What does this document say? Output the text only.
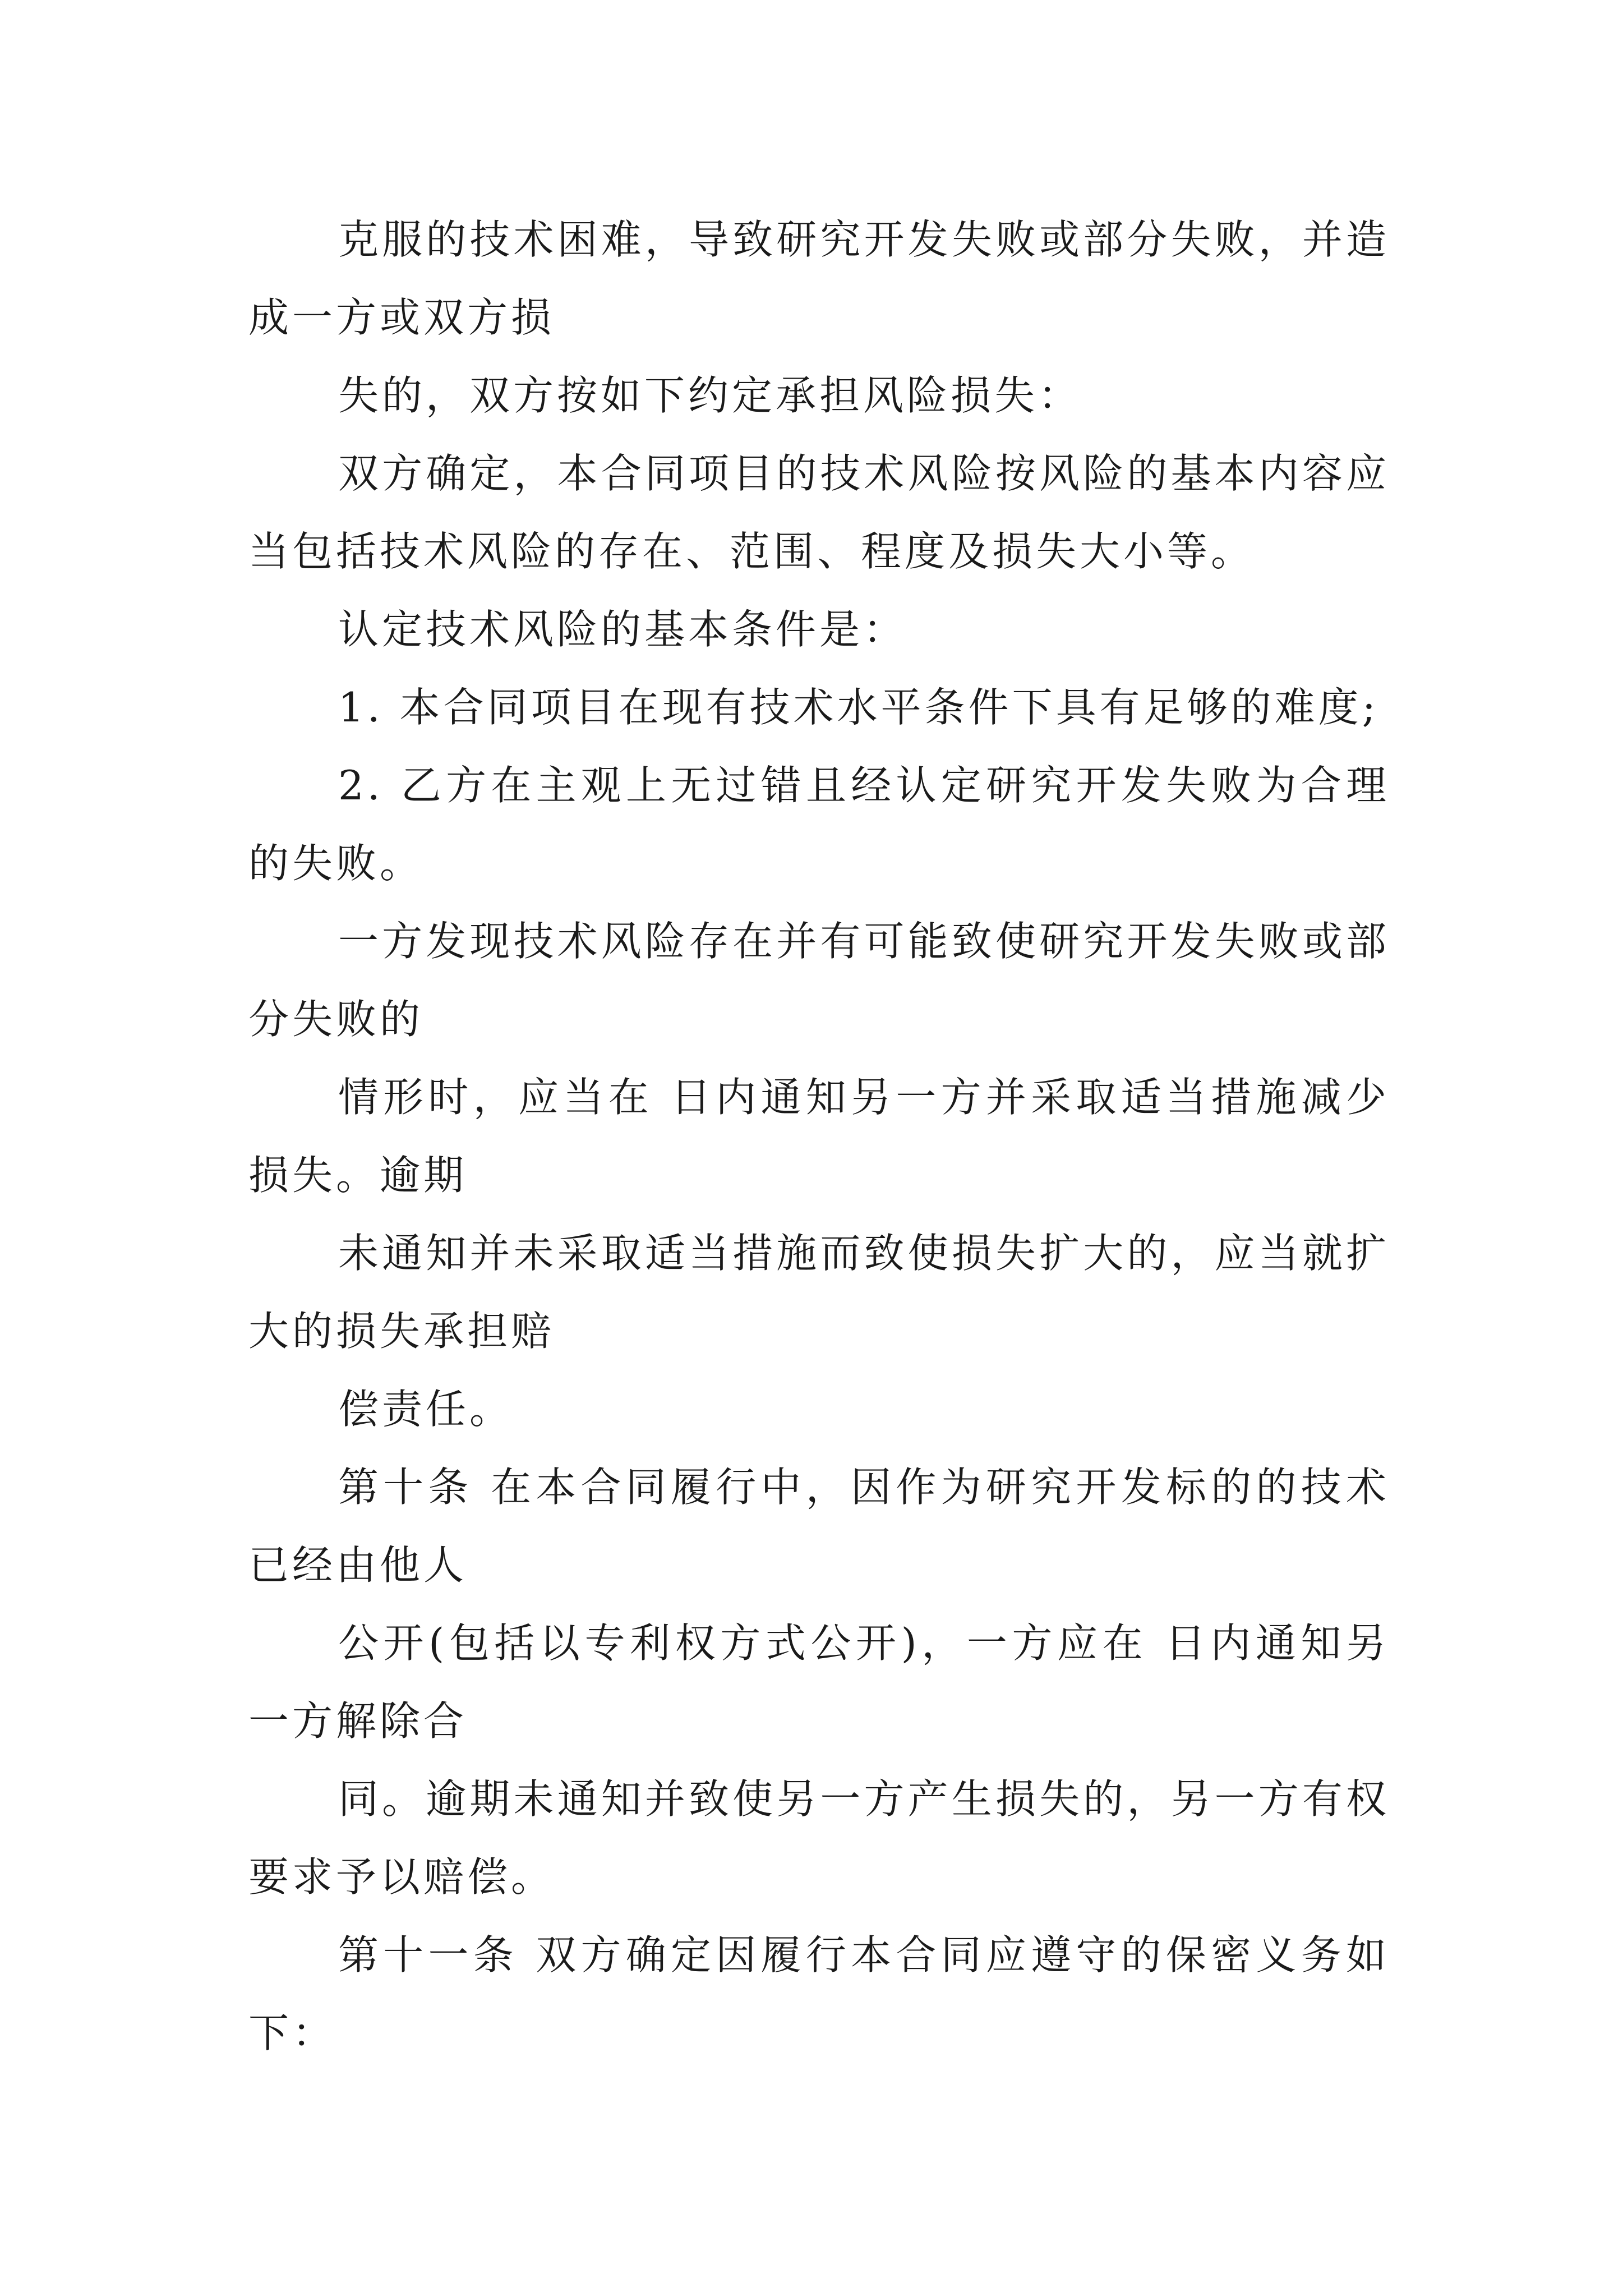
克服的技术困难，导致研究开发失败或部分失败，并造成一方或双方损

失的，双方按如下约定承担风险损失：

双方确定，本合同项目的技术风险按风险的基本内容应当包括技术风险的存在、范围、程度及损失大小等。

认定技术风险的基本条件是：

1. 本合同项目在现有技术水平条件下具有足够的难度;

2. 乙方在主观上无过错且经认定研究开发失败为合理的失败。

一方发现技术风险存在并有可能致使研究开发失败或部分失败的

情形时，应当在 日内通知另一方并采取适当措施减少损失。逾期

未通知并未采取适当措施而致使损失扩大的，应当就扩大的损失承担赔

偿责任。

第十条 在本合同履行中，因作为研究开发标的的技术已经由他人

公开(包括以专利权方式公开)，一方应在 日内通知另一方解除合

同。逾期未通知并致使另一方产生损失的，另一方有权要求予以赔偿。

第十一条 双方确定因履行本合同应遵守的保密义务如下：
